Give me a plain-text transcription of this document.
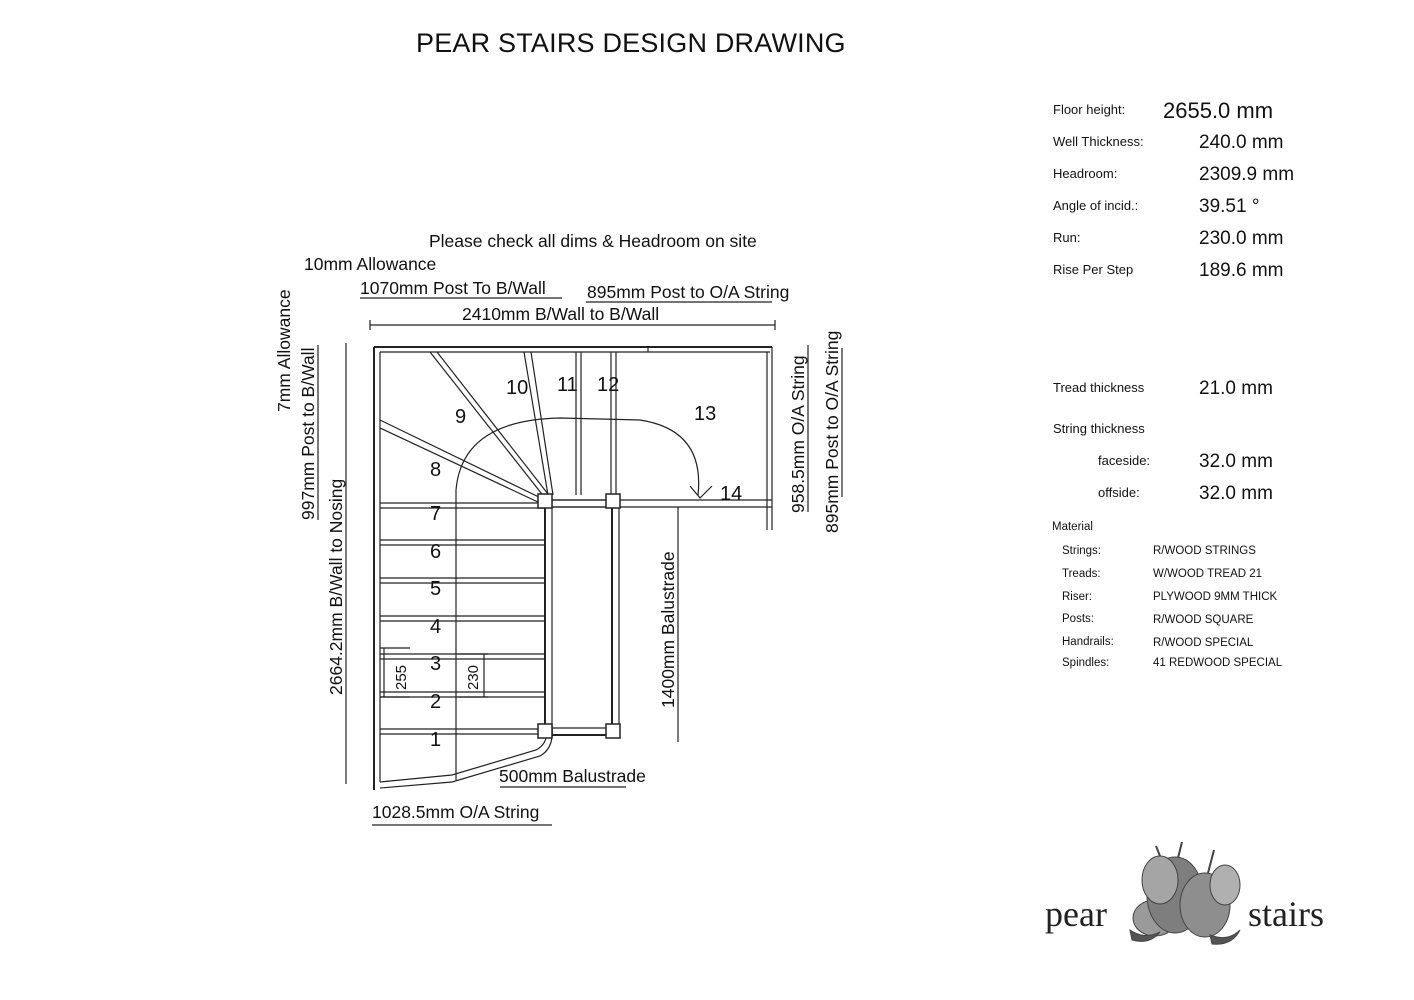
PEAR STAIRS DESIGN DRAWING
1
2
3
4
5
6
7
8
9
10 11 12
13
14
Please check all dims & Headroom on site
10mm Allowance
1070mm Post To B/Wall 895mm Post to O/A String
2410mm B/Wall to B/Wall
500mm Balustrade
1028.5mm O/A String
7mm Allowance 997mm Post to B/Wall
2664.2mm B/Wall to Nosing
958.5mm O/A String 895mm Post to O/A String
1400mm Balustrade
255	230
Floor height: 2655.0 mm
Well Thickness:	240.0 mm
Headroom:	2309.9 mm
Angle of incid.:	39.51 °
Run:	230.0 mm
Rise Per Step	189.6 mm
Tread thickness	21.0 mm
String thickness
faceside:	32.0 mm
offside:	32.0 mm
Material
Strings:	R/WOOD STRINGS
Treads:	W/WOOD TREAD 21
Riser:	PLYWOOD 9MM THICK
Posts:	R/WOOD SQUARE
Handrails:	R/WOOD SPECIAL
Spindles:	41 REDWOOD SPECIAL
pear	stairs
